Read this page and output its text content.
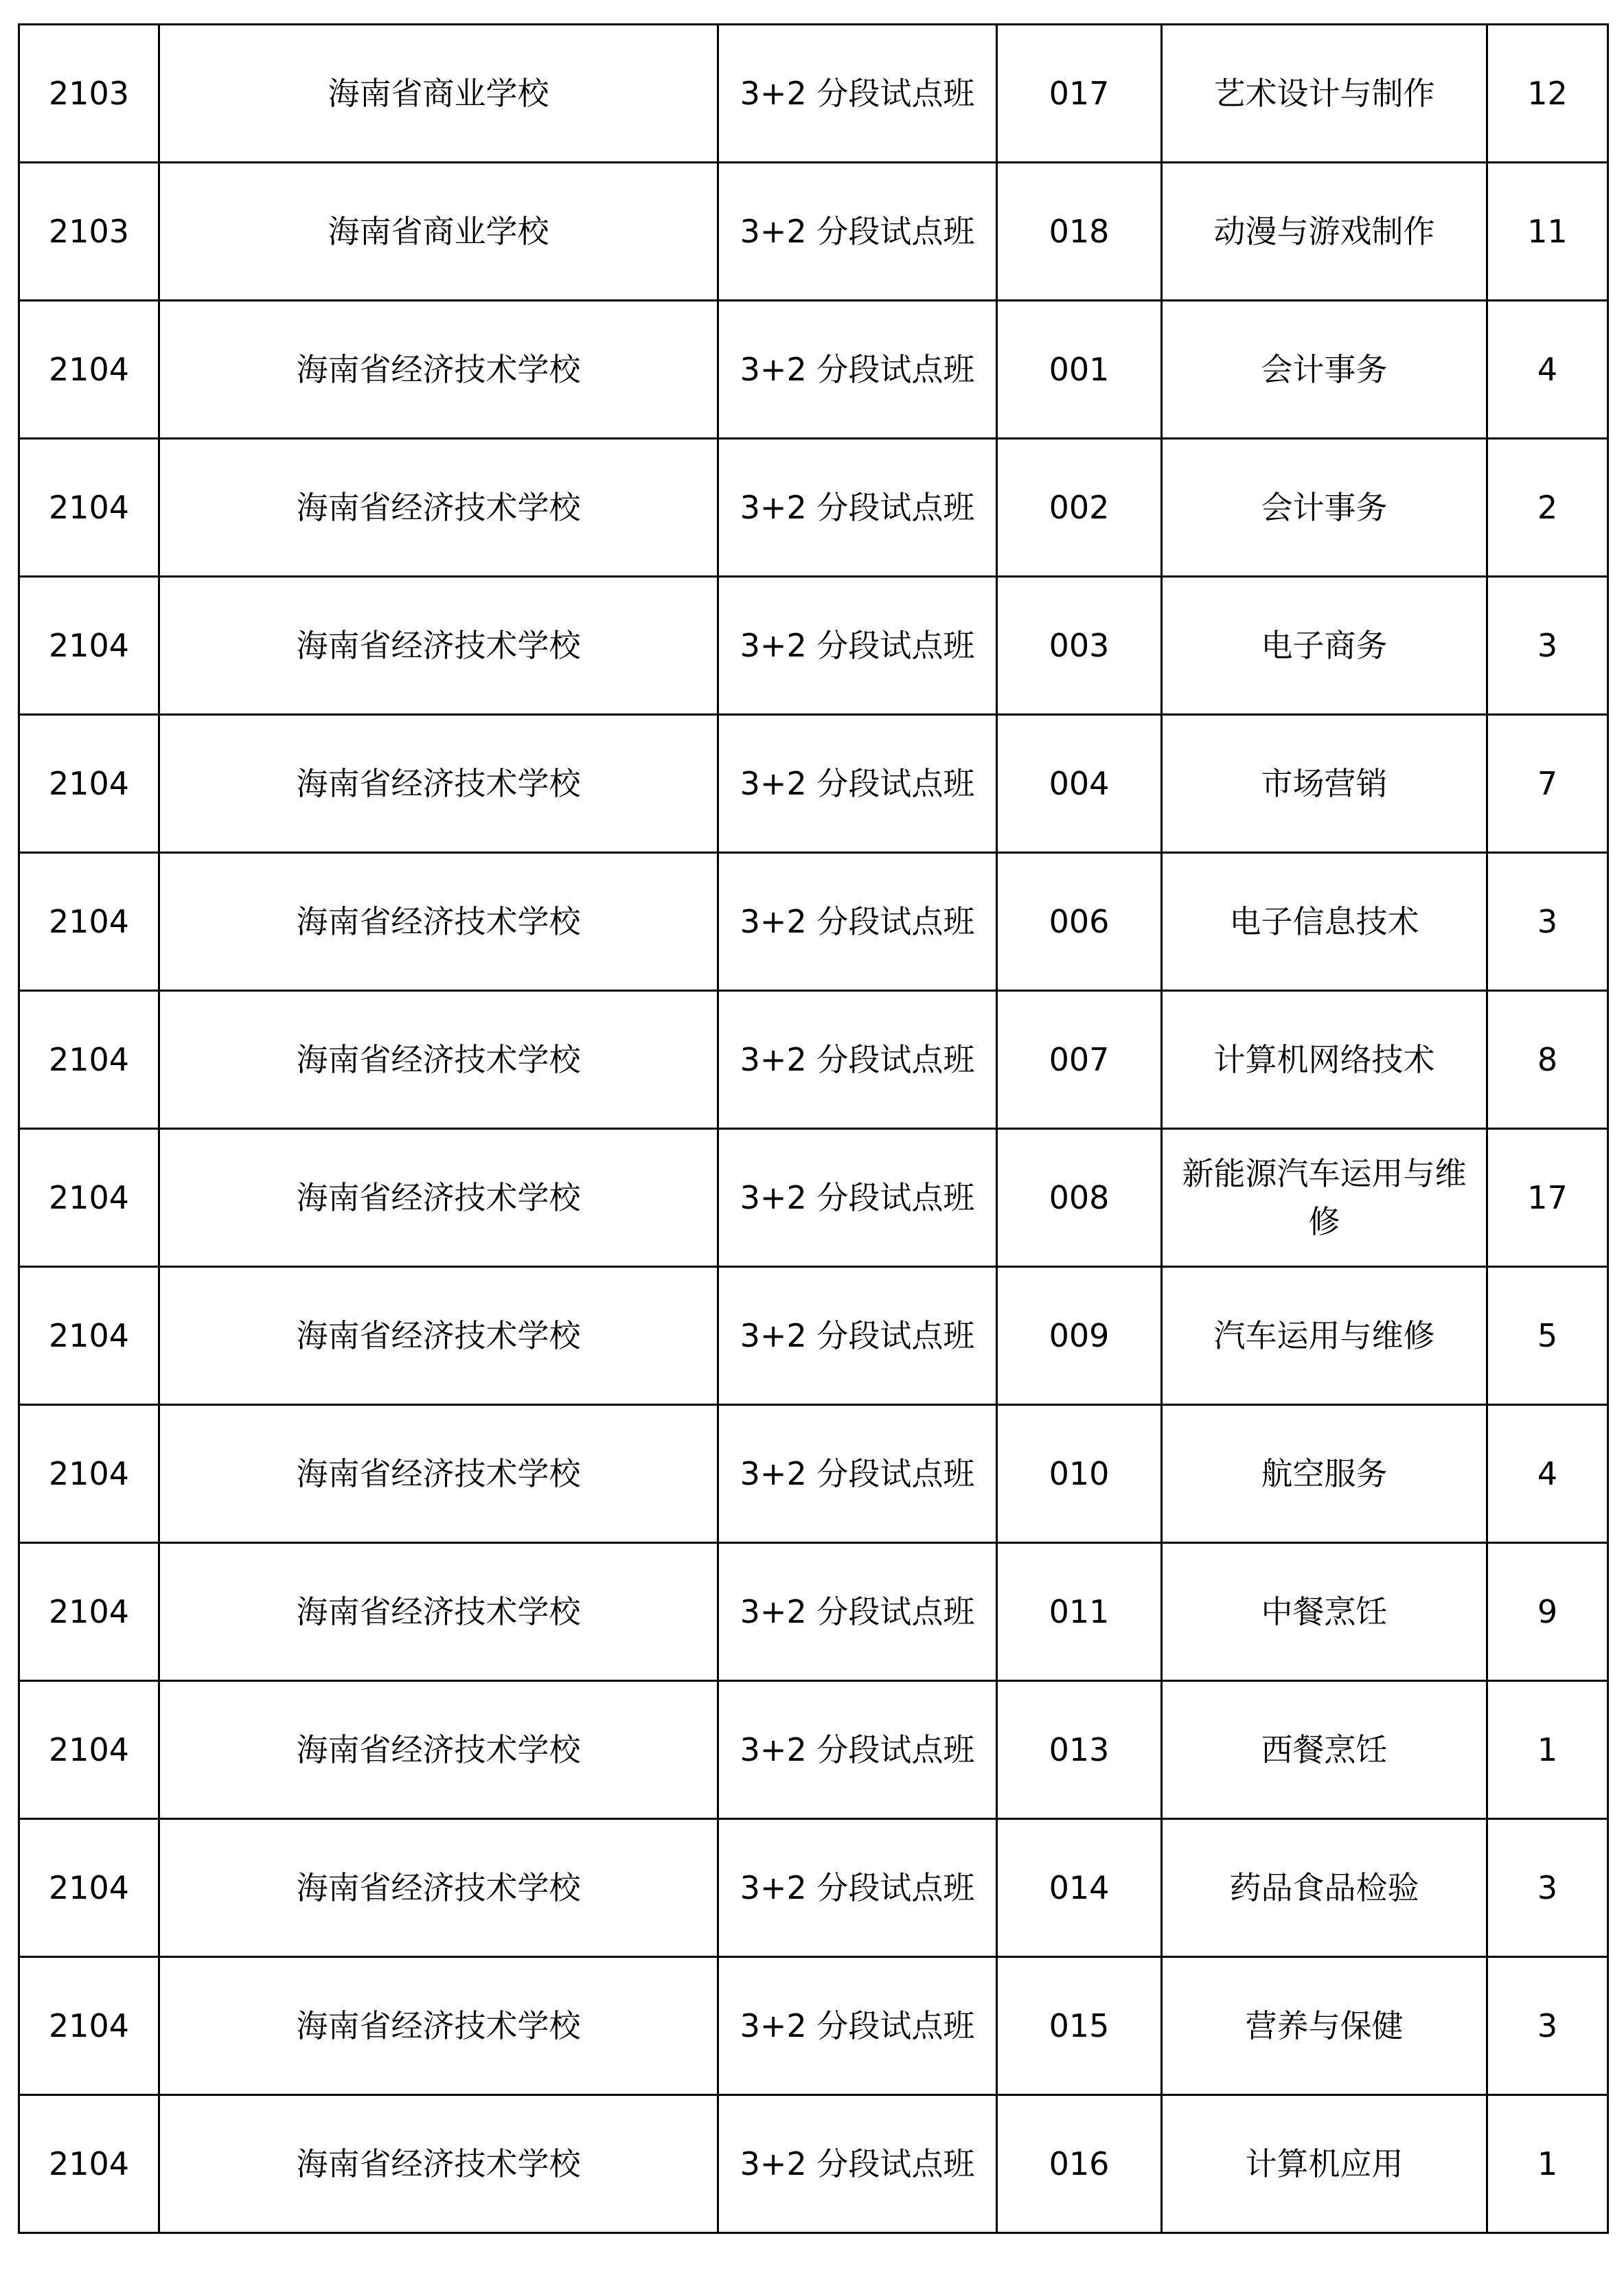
2103	海南省商业学校	3+2 分段试点班	017	艺术设计与制作	12
2103	海南省商业学校	3+2 分段试点班	018	动漫与游戏制作	11
2104	海南省经济技术学校	3+2 分段试点班	001	会计事务	4
2104	海南省经济技术学校	3+2 分段试点班	002	会计事务	2
2104	海南省经济技术学校	3+2 分段试点班	003	电子商务	3
2104	海南省经济技术学校	3+2 分段试点班	004	市场营销	7
2104	海南省经济技术学校	3+2 分段试点班	006	电子信息技术	3
2104	海南省经济技术学校	3+2 分段试点班	007	计算机网络技术	8
2104	海南省经济技术学校	3+2 分段试点班	008	新能源汽车运用与维修	17
2104	海南省经济技术学校	3+2 分段试点班	009	汽车运用与维修	5
2104	海南省经济技术学校	3+2 分段试点班	010	航空服务	4
2104	海南省经济技术学校	3+2 分段试点班	011	中餐烹饪	9
2104	海南省经济技术学校	3+2 分段试点班	013	西餐烹饪	1
2104	海南省经济技术学校	3+2 分段试点班	014	药品食品检验	3
2104	海南省经济技术学校	3+2 分段试点班	015	营养与保健	3
2104	海南省经济技术学校	3+2 分段试点班	016	计算机应用	1
